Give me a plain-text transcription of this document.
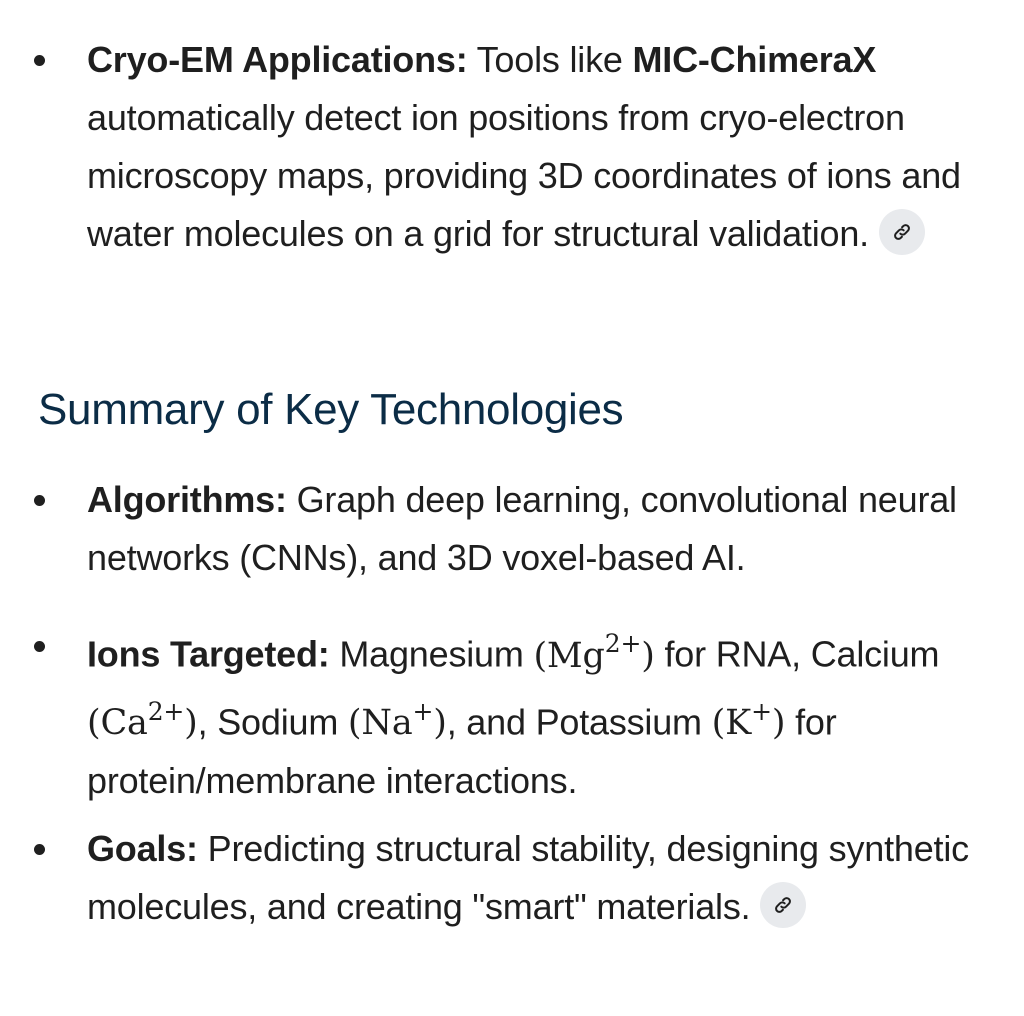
Cryo-EM Applications: Tools like MIC-ChimeraX automatically detect ion positions from cryo-electron microscopy maps, providing 3D coordinates of ions and water molecules on a grid for structural validation.
Summary of Key Technologies
Algorithms: Graph deep learning, convolutional neural networks (CNNs), and 3D voxel-based AI.
Ions Targeted: Magnesium $(Mg^{2+})$ for RNA, Calcium $(Ca^{2+})$, Sodium (Na+), and Potassium (K+) for protein/membrane interactions.
Goals: Predicting structural stability, designing synthetic molecules, and creating "smart" materials.
